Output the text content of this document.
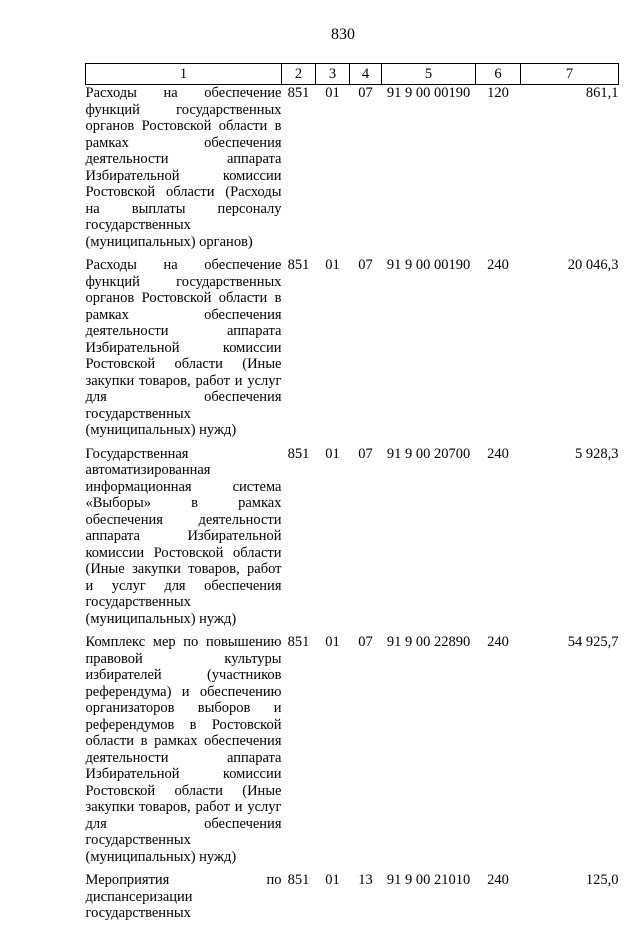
830
1	2	3	4	5	6	7
Расходы на обеспечение функций государственных органов Ростовской области в рамках обеспечения деятельности аппарата Избирательной комиссии Ростовской области (Расходы на выплаты персоналу государственных (муниципальных) органов)	851	01	07	91 9 00 00190	120	861,1
Расходы на обеспечение функций государственных органов Ростовской области в рамках обеспечения деятельности аппарата Избирательной комиссии Ростовской области (Иные закупки товаров, работ и услуг для обеспечения государственных (муниципальных) нужд)	851	01	07	91 9 00 00190	240	20 046,3
Государственная автоматизированная информационная система «Выборы» в рамках обеспечения деятельности аппарата Избирательной комиссии Ростовской области (Иные закупки товаров, работ и услуг для обеспечения государственных (муниципальных) нужд)	851	01	07	91 9 00 20700	240	5 928,3
Комплекс мер по повышению правовой культуры избирателей (участников референдума) и обеспечению организаторов выборов и референдумов в Ростовской области в рамках обеспечения деятельности аппарата Избирательной комиссии Ростовской области (Иные закупки товаров, работ и услуг для обеспечения государственных (муниципальных) нужд)	851	01	07	91 9 00 22890	240	54 925,7
Мероприятия по диспансеризации государственных	851	01	13	91 9 00 21010	240	125,0
